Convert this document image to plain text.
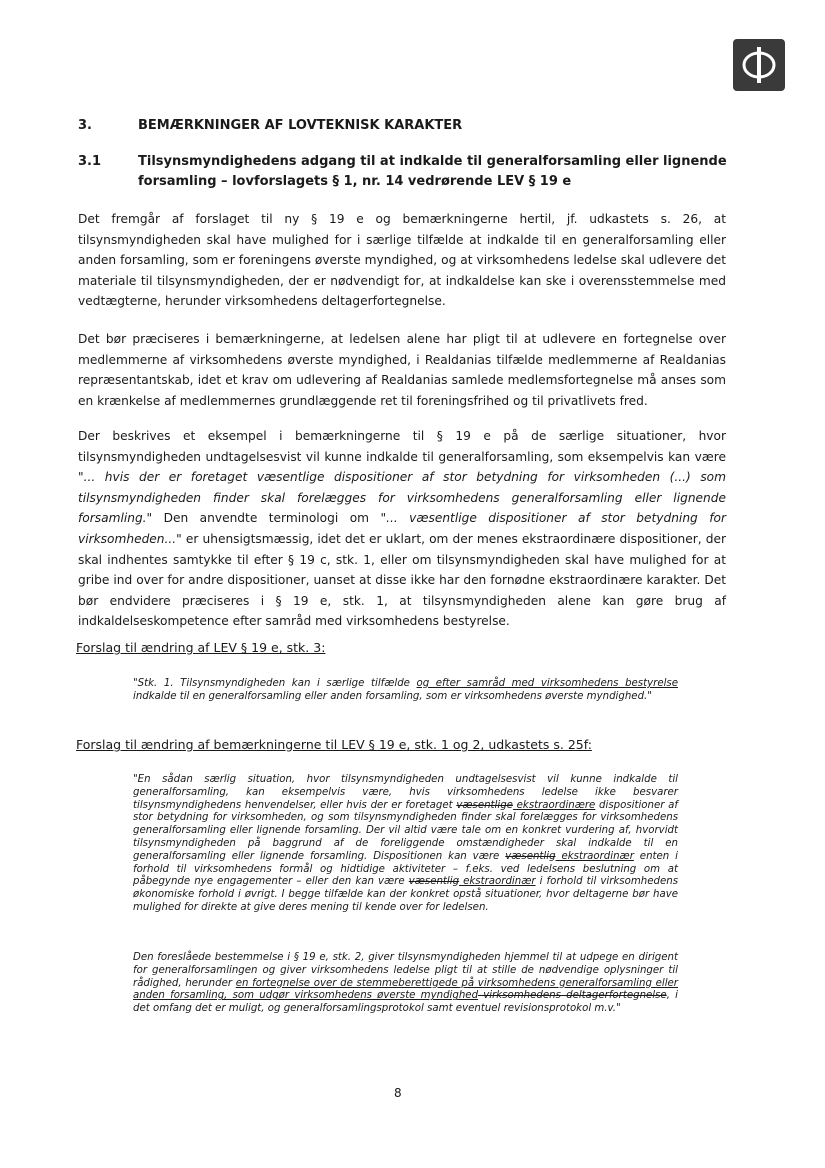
3.	BEMÆRKNINGER AF LOVTEKNISK KARAKTER
3.1	Tilsynsmyndighedens adgang til at indkalde til generalforsamling eller lignende forsamling – lovforslagets § 1, nr. 14 vedrørende LEV § 19 e

Det fremgår af forslaget til ny § 19 e og bemærkningerne hertil, jf. udkastets s. 26, at tilsynsmyndigheden skal have mulighed for i særlige tilfælde at indkalde til en generalforsamling eller anden forsamling, som er foreningens øverste myndighed, og at virksomhedens ledelse skal udlevere det materiale til tilsynsmyndigheden, der er nødvendigt for, at indkaldelse kan ske i overensstemmelse med vedtægterne, herunder virksomhedens deltagerfortegnelse.

Det bør præciseres i bemærkningerne, at ledelsen alene har pligt til at udlevere en fortegnelse over medlemmerne af virksomhedens øverste myndighed, i Realdanias tilfælde medlemmerne af Realdanias repræsentantskab, idet et krav om udlevering af Realdanias samlede medlemsfortegnelse må anses som en krænkelse af medlemmernes grundlæggende ret til foreningsfrihed og til privatlivets fred.

Der beskrives et eksempel i bemærkningerne til § 19 e på de særlige situationer, hvor tilsynsmyndigheden undtagelsesvist vil kunne indkalde til generalforsamling, som eksempelvis kan være "... hvis der er foretaget væsentlige dispositioner af stor betydning for virksomheden (...) som tilsynsmyndigheden finder skal forelægges for virksomhedens generalforsamling eller lignende forsamling." Den anvendte terminologi om "... væsentlige dispositioner af stor betydning for virksomheden..." er uhensigtsmæssig, idet det er uklart, om der menes ekstraordinære dispositioner, der skal indhentes samtykke til efter § 19 c, stk. 1, eller om tilsynsmyndigheden skal have mulighed for at gribe ind over for andre dispositioner, uanset at disse ikke har den fornødne ekstraordinære karakter. Det bør endvidere præciseres i § 19 e, stk. 1, at tilsynsmyndigheden alene kan gøre brug af indkaldelseskompetence efter samråd med virksomhedens bestyrelse.

Forslag til ændring af LEV § 19 e, stk. 3:

"Stk. 1. Tilsynsmyndigheden kan i særlige tilfælde og efter samråd med virksomhedens bestyrelse indkalde til en generalforsamling eller anden forsamling, som er virksomhedens øverste myndighed."

Forslag til ændring af bemærkningerne til LEV § 19 e, stk. 1 og 2, udkastets s. 25f:

"En sådan særlig situation, hvor tilsynsmyndigheden undtagelsesvist vil kunne indkalde til generalforsamling, kan eksempelvis være, hvis virksomhedens ledelse ikke besvarer tilsynsmyndighedens henvendelser, eller hvis der er foretaget væsentlige ekstraordinære dispositioner af stor betydning for virksomheden, og som tilsynsmyndigheden finder skal forelægges for virksomhedens generalforsamling eller lignende forsamling. Der vil altid være tale om en konkret vurdering af, hvorvidt tilsynsmyndigheden på baggrund af de foreliggende omstændigheder skal indkalde til en generalforsamling eller lignende forsamling. Dispositionen kan være væsentlig ekstraordinær enten i forhold til virksomhedens formål og hidtidige aktiviteter – f.eks. ved ledelsens beslutning om at påbegynde nye engagementer – eller den kan være væsentlig ekstraordinær i forhold til virksomhedens økonomiske forhold i øvrigt. I begge tilfælde kan der konkret opstå situationer, hvor deltagerne bør have mulighed for direkte at give deres mening til kende over for ledelsen.

Den foreslåede bestemmelse i § 19 e, stk. 2, giver tilsynsmyndigheden hjemmel til at udpege en dirigent for generalforsamlingen og giver virksomhedens ledelse pligt til at stille de nødvendige oplysninger til rådighed, herunder en fortegnelse over de stemmeberettigede på virksomhedens generalforsamling eller anden forsamling, som udgør virksomhedens øverste myndighed virksomhedens deltagerfortegnelse, i det omfang det er muligt, og generalforsamlingsprotokol samt eventuel revisionsprotokol m.v."

8
